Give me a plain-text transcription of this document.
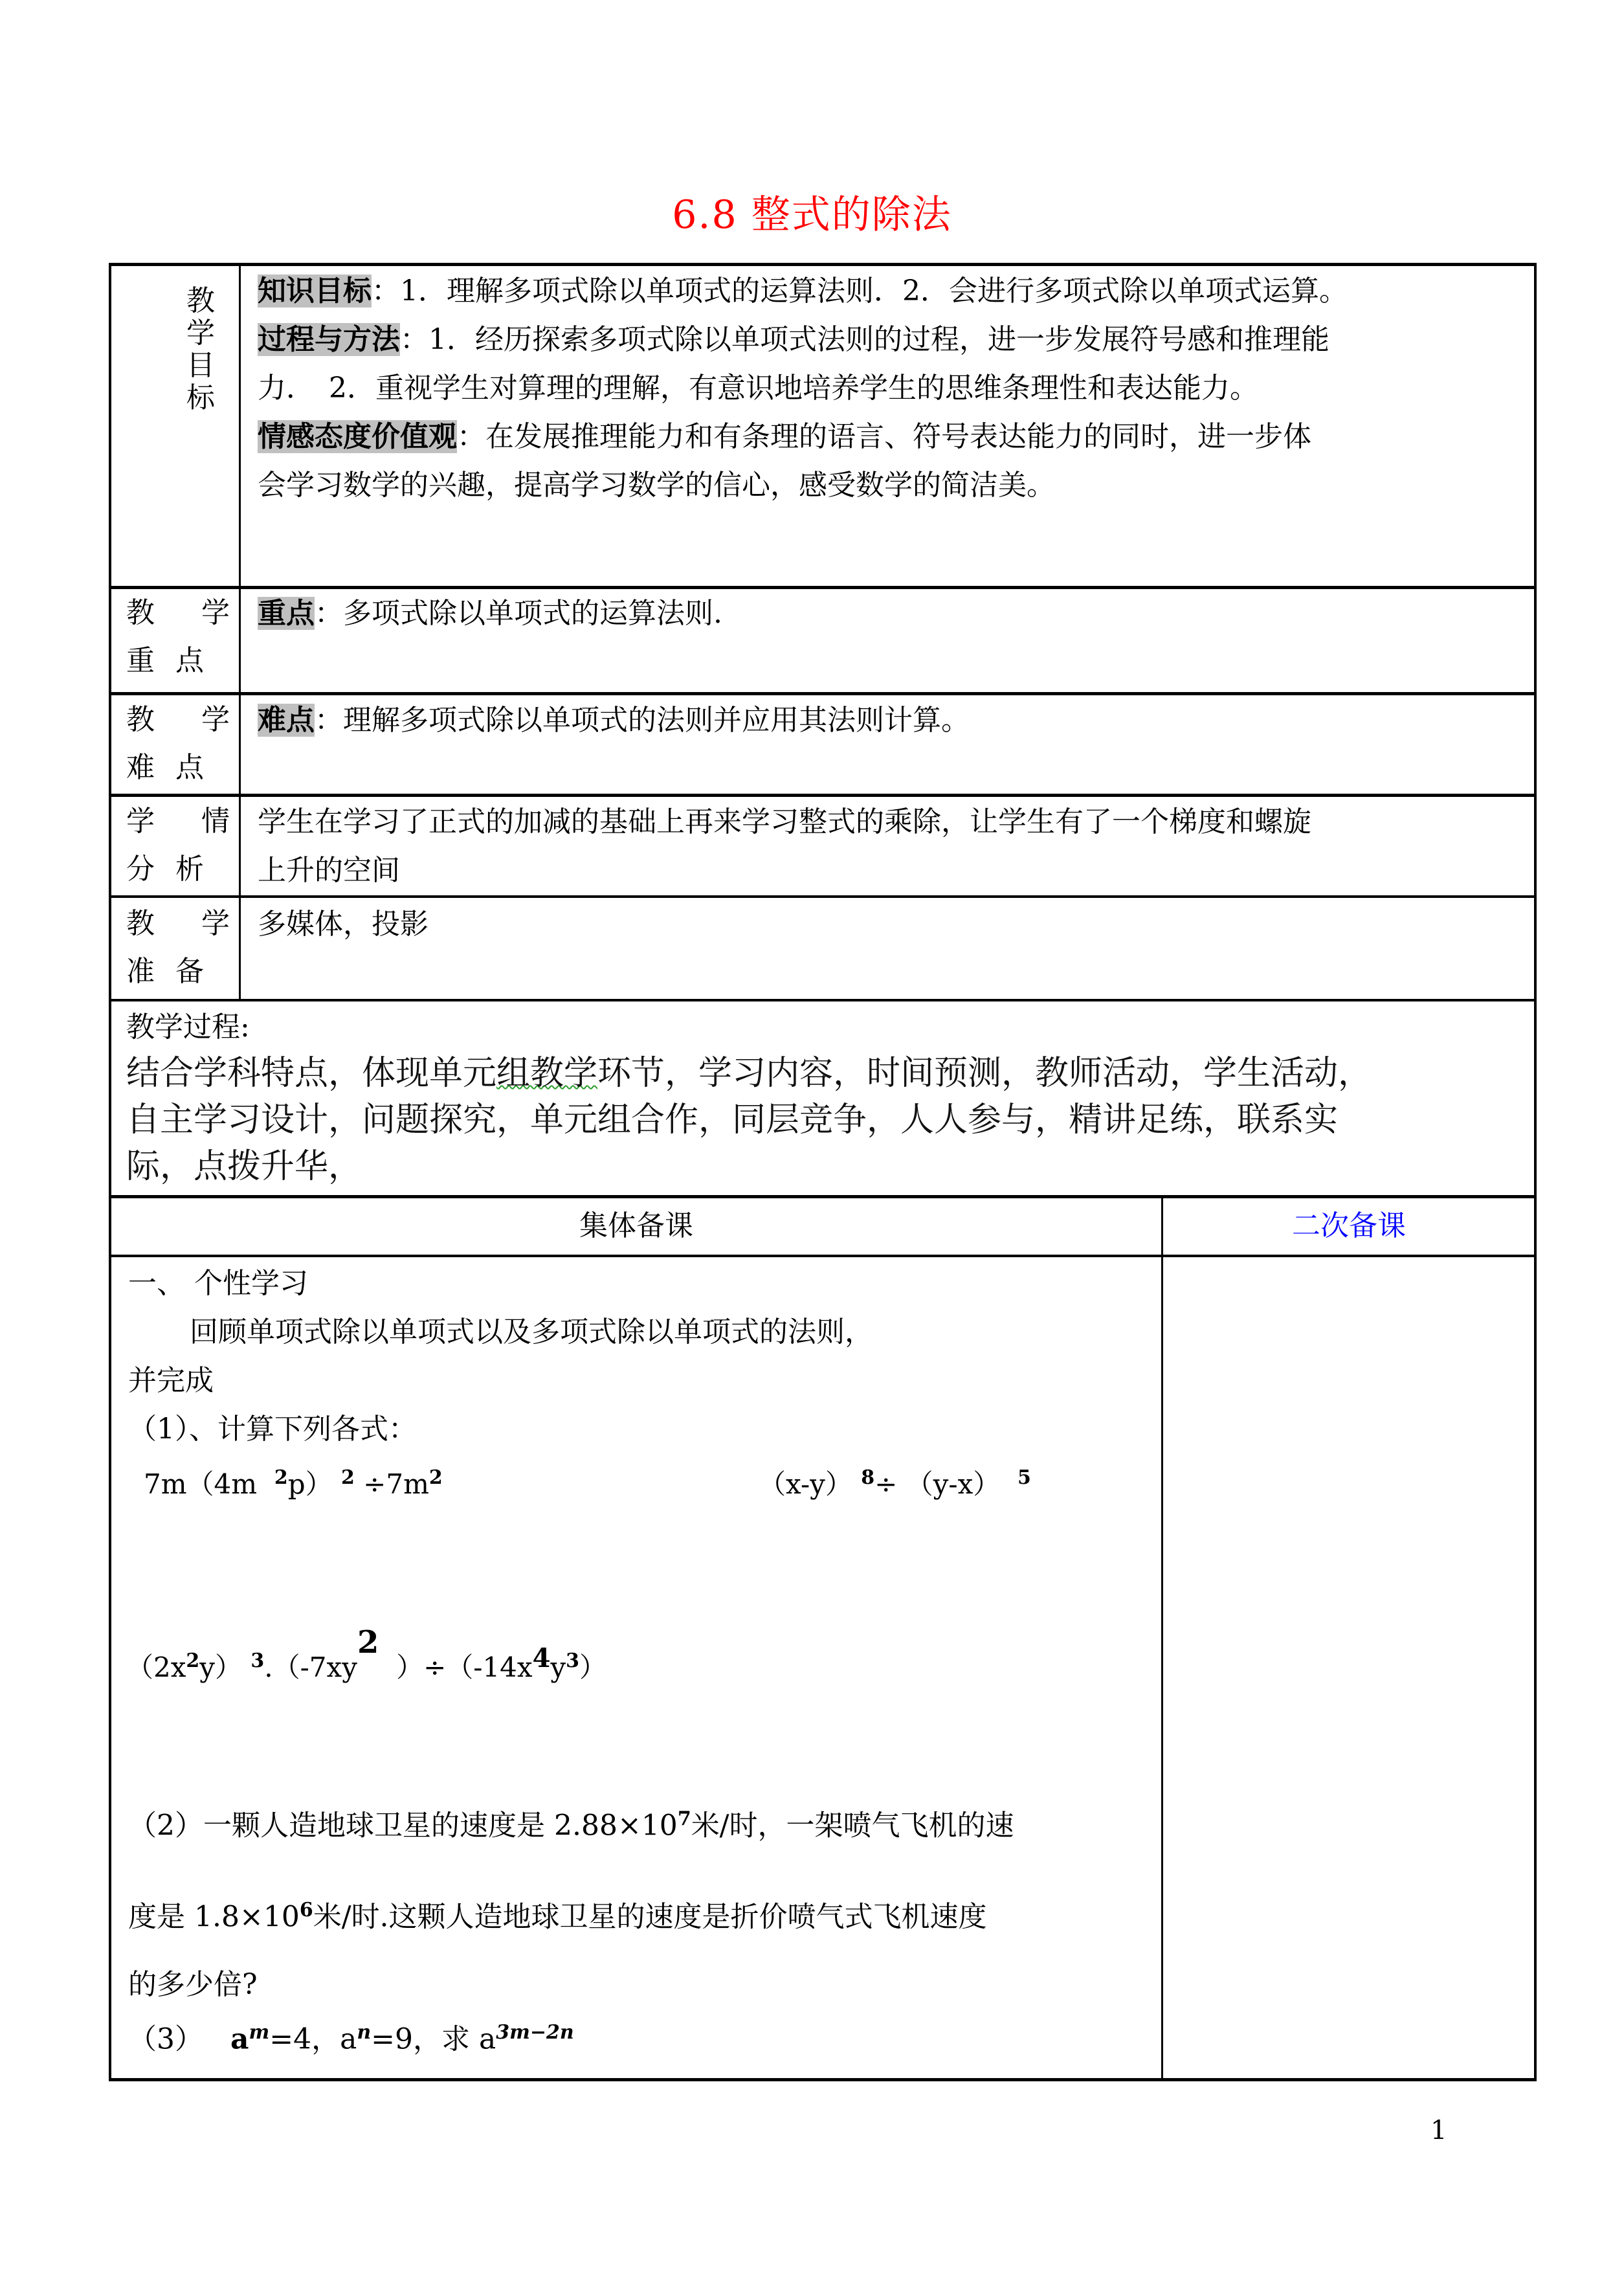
6.8 整式的除法
教
学
目
标
知识目标：1．理解多项式除以单项式的运算法则．2．会进行多项式除以单项式运算。
过程与方法：1．经历探索多项式除以单项式法则的过程，进一步发展符号感和推理能
力．　2．重视学生对算理的理解，有意识地培养学生的思维条理性和表达能力。
情感态度价值观：在发展推理能力和有条理的语言、符号表达能力的同时，进一步体
会学习数学的兴趣，提高学习数学的信心，感受数学的简洁美。
教 学
重 点
重点：多项式除以单项式的运算法则.
教 学
难 点
难点：理解多项式除以单项式的法则并应用其法则计算。
学 情
分 析
学生在学习了正式的加减的基础上再来学习整式的乘除，让学生有了一个梯度和螺旋
上升的空间
教 学
准 备
多媒体，投影
教学过程:
结合学科特点，体现单元组教学环节，学习内容，时间预测，教师活动，学生活动，
自主学习设计，问题探究，单元组合作，同层竞争，人人参与，精讲足练，联系实
际，点拨升华，
集体备课	二次备课
一、 个性学习
回顾单项式除以单项式以及多项式除以单项式的法则，
并完成
（1）、计算下列各式：
7m（4m $^2$p） $^2 \div 7m^2$	（x-y） $^8$÷ （y-x） $^5$
$(2x^2y)$ $^3.(-7xy^2$  ）$\div(-14x^4y^3)$
（2）一颗人造地球卫星的速度是 $2.88\times 10^7$米/时，一架喷气飞机的速
度是 $1.8\times 10^6$米/时.这颗人造地球卫星的速度是折价喷气式飞机速度
的多少倍?
（3） $a^m=4$，$a^n=9$，求 $a^{3m-2n}$
1
